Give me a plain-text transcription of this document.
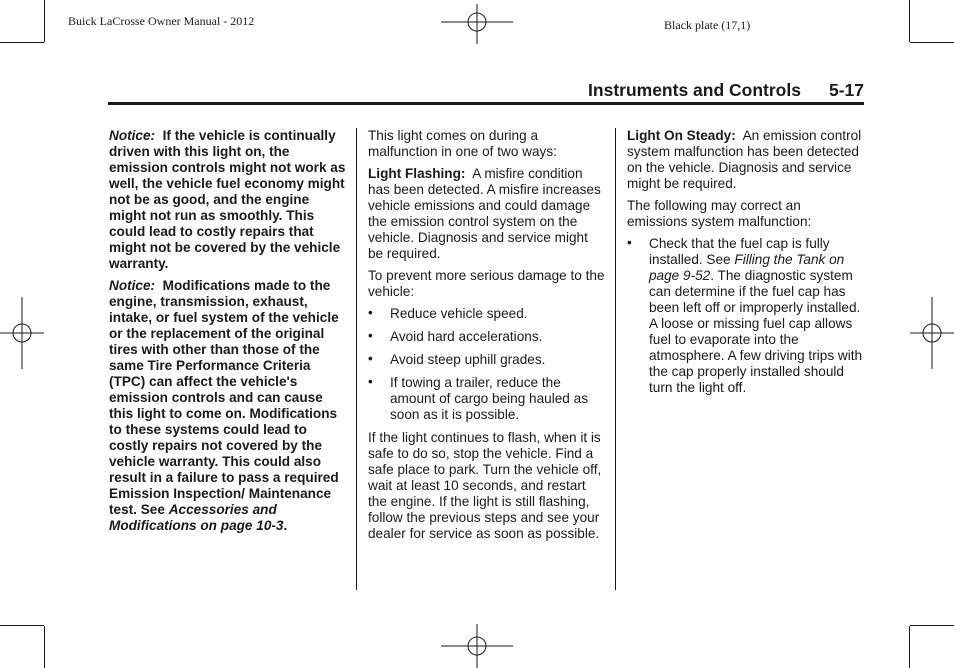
Buick LaCrosse Owner Manual - 2012	Black plate (17,1)
Instruments and Controls 5-17

Notice: If the vehicle is continually driven with this light on, the emission controls might not work as well, the vehicle fuel economy might not be as good, and the engine might not run as smoothly. This could lead to costly repairs that might not be covered by the vehicle warranty.

Notice: Modifications made to the engine, transmission, exhaust, intake, or fuel system of the vehicle or the replacement of the original tires with other than those of the same Tire Performance Criteria (TPC) can affect the vehicle's emission controls and can cause this light to come on. Modifications to these systems could lead to costly repairs not covered by the vehicle warranty. This could also result in a failure to pass a required Emission Inspection/ Maintenance test. See Accessories and Modifications on page 10-3.

This light comes on during a malfunction in one of two ways:

Light Flashing: A misfire condition has been detected. A misfire increases vehicle emissions and could damage the emission control system on the vehicle. Diagnosis and service might be required.

To prevent more serious damage to the vehicle:

• Reduce vehicle speed.
• Avoid hard accelerations.
• Avoid steep uphill grades.
• If towing a trailer, reduce the amount of cargo being hauled as soon as it is possible.

If the light continues to flash, when it is safe to do so, stop the vehicle. Find a safe place to park. Turn the vehicle off, wait at least 10 seconds, and restart the engine. If the light is still flashing, follow the previous steps and see your dealer for service as soon as possible.

Light On Steady: An emission control system malfunction has been detected on the vehicle. Diagnosis and service might be required.

The following may correct an emissions system malfunction:

• Check that the fuel cap is fully installed. See Filling the Tank on page 9-52. The diagnostic system can determine if the fuel cap has been left off or improperly installed. A loose or missing fuel cap allows fuel to evaporate into the atmosphere. A few driving trips with the cap properly installed should turn the light off.
